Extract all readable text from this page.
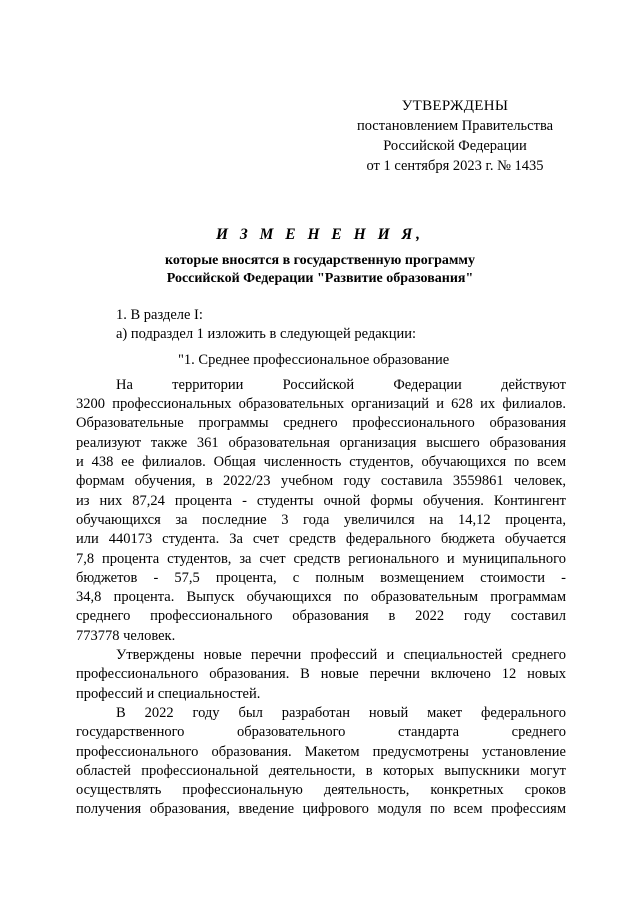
УТВЕРЖДЕНЫ
постановлением Правительства
Российской Федерации
от 1 сентября 2023 г. № 1435
И З М Е Н Е Н И Я,
которые вносятся в государственную программу
Российской Федерации "Развитие образования"
1. В разделе I:
а) подраздел 1 изложить в следующей редакции:
"1. Среднее профессиональное образование
На территории Российской Федерации действуют
3200 профессиональных образовательных организаций и 628 их филиалов.
Образовательные программы среднего профессионального образования
реализуют также 361 образовательная организация высшего образования
и 438 ее филиалов. Общая численность студентов, обучающихся по всем
формам обучения, в 2022/23 учебном году составила 3559861 человек,
из них 87,24 процента - студенты очной формы обучения. Контингент
обучающихся за последние 3 года увеличился на 14,12 процента,
или 440173 студента. За счет средств федерального бюджета обучается
7,8 процента студентов, за счет средств регионального и муниципального
бюджетов - 57,5 процента, с полным возмещением стоимости -
34,8 процента. Выпуск обучающихся по образовательным программам
среднего профессионального образования в 2022 году составил
773778 человек.
Утверждены новые перечни профессий и специальностей среднего
профессионального образования. В новые перечни включено 12 новых
профессий и специальностей.
В 2022 году был разработан новый макет федерального
государственного образовательного стандарта среднего
профессионального образования. Макетом предусмотрены установление
областей профессиональной деятельности, в которых выпускники могут
осуществлять профессиональную деятельность, конкретных сроков
получения образования, введение цифрового модуля по всем профессиям
